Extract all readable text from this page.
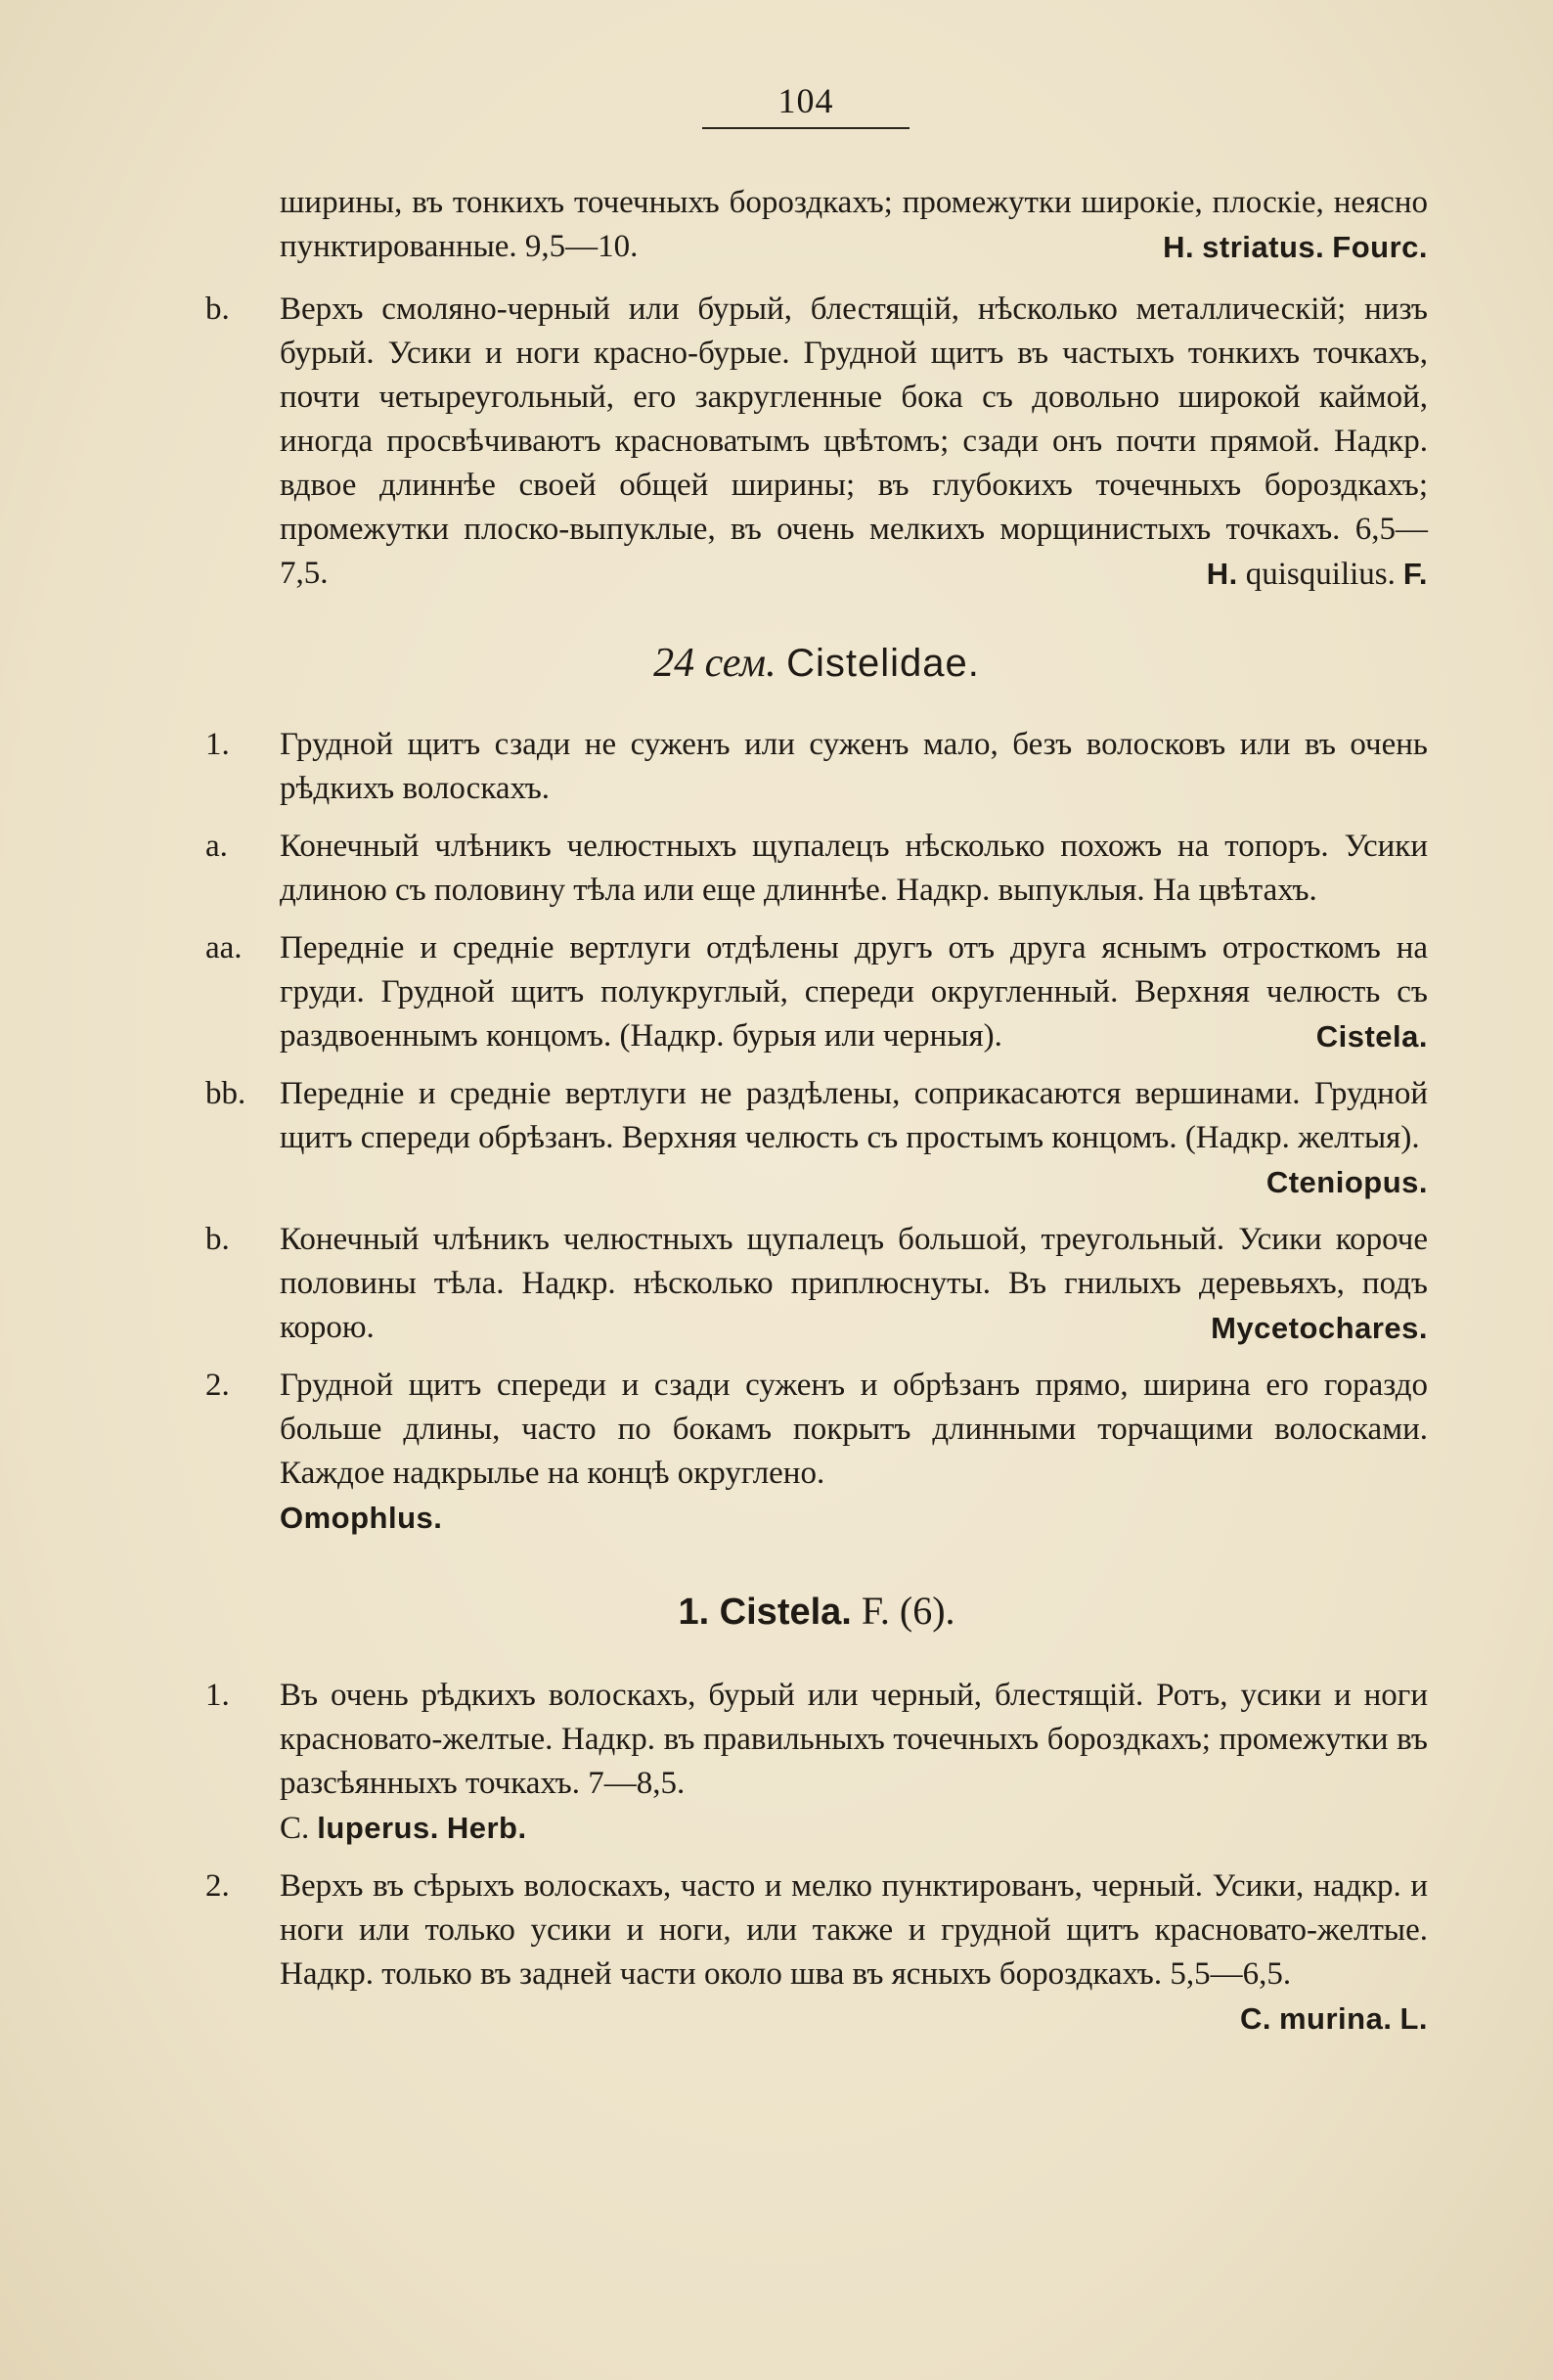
104
ширины, въ тонкихъ точечныхъ бороздкахъ; промежутки широкіе, плоскіе, неясно пунктированные. 9,5—10.	H. striatus. Fourc.
b.	Верхъ смоляно-черный или бурый, блестящій, нѣсколько металлическій; низъ бурый. Усики и ноги красно-бурые. Грудной щитъ въ частыхъ тонкихъ точкахъ, почти четыреугольный, его закругленные бока съ довольно широкой каймой, иногда просвѣчиваютъ красноватымъ цвѣтомъ; сзади онъ почти прямой. Надкр. вдвое длиннѣе своей общей ширины; въ глубокихъ точечныхъ бороздкахъ; промежутки плоско-выпуклые, въ очень мелкихъ морщинистыхъ точкахъ. 6,5—7,5.	H. quisquilius. F.
24 сем. Cistelidae.
1.	Грудной щитъ сзади не суженъ или суженъ мало, безъ волосковъ или въ очень рѣдкихъ волоскахъ.
a.	Конечный члѣникъ челюстныхъ щупалецъ нѣсколько похожъ на топоръ. Усики длиною съ половину тѣла или еще длиннѣе. Надкр. выпуклыя. На цвѣтахъ.
aa.	Передніе и средніе вертлуги отдѣлены другъ отъ друга яснымъ отросткомъ на груди. Грудной щитъ полукруглый, спереди округленный. Верхняя челюсть съ раздвоеннымъ концомъ. (Надкр. бурыя или черныя).	Cistela.
bb.	Передніе и средніе вертлуги не раздѣлены, соприкасаются вершинами. Грудной щитъ спереди обрѣзанъ. Верхняя челюсть съ простымъ концомъ. (Надкр. желтыя).
Cteniopus.
b.	Конечный члѣникъ челюстныхъ щупалецъ большой, треугольный. Усики короче половины тѣла. Надкр. нѣсколько приплюснуты. Въ гнилыхъ деревьяхъ, подъ корою.	Mycetochares.
2.	Грудной щитъ спереди и сзади суженъ и обрѣзанъ прямо, ширина его гораздо больше длины, часто по бокамъ покрытъ длинными торчащими волосками. Каждое надкрылье на концѣ округлено.
Omophlus.
1. Cistela. F. (6).
1.	Въ очень рѣдкихъ волоскахъ, бурый или черный, блестящій. Ротъ, усики и ноги красновато-желтые. Надкр. въ правильныхъ точечныхъ бороздкахъ; промежутки въ разсѣянныхъ точкахъ. 7—8,5.
C. luperus. Herb.
2.	Верхъ въ сѣрыхъ волоскахъ, часто и мелко пунктированъ, черный. Усики, надкр. и ноги или только усики и ноги, или также и грудной щитъ красновато-желтые. Надкр. только въ задней части около шва въ ясныхъ бороздкахъ. 5,5—6,5.
C. murina. L.
